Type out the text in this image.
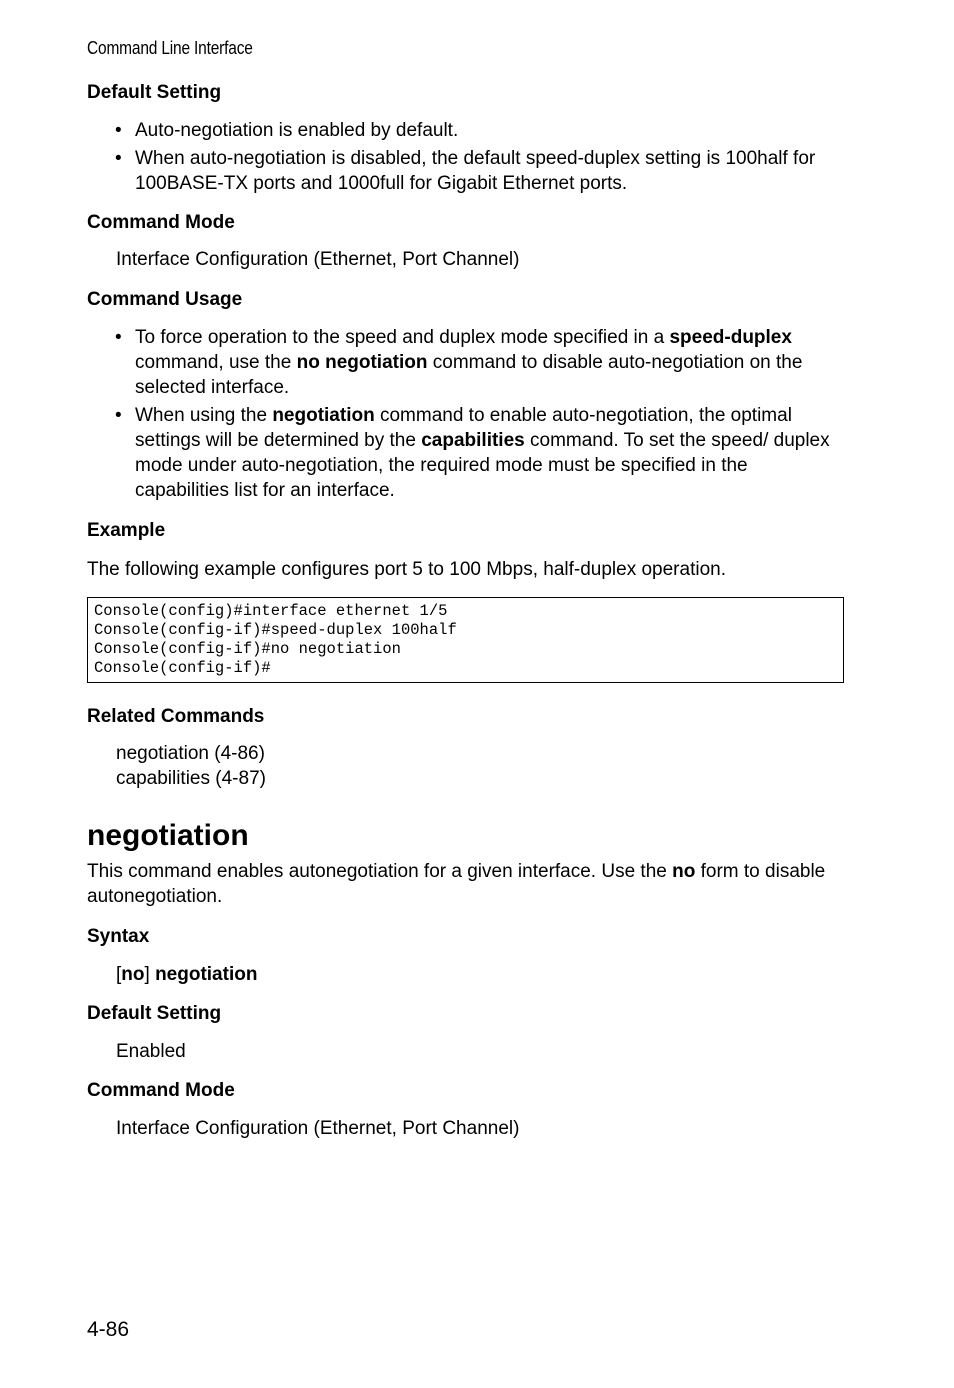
Command Line Interface
Default Setting
• Auto-negotiation is enabled by default.
• When auto-negotiation is disabled, the default speed-duplex setting is 100half for 100BASE-TX ports and 1000full for Gigabit Ethernet ports.
Command Mode
Interface Configuration (Ethernet, Port Channel)
Command Usage
• To force operation to the speed and duplex mode specified in a speed-duplex command, use the no negotiation command to disable auto-negotiation on the selected interface.
• When using the negotiation command to enable auto-negotiation, the optimal settings will be determined by the capabilities command. To set the speed/ duplex mode under auto-negotiation, the required mode must be specified in the capabilities list for an interface.
Example
The following example configures port 5 to 100 Mbps, half-duplex operation.
Console(config)#interface ethernet 1/5
Console(config-if)#speed-duplex 100half
Console(config-if)#no negotiation
Console(config-if)#
Related Commands
negotiation (4-86)
capabilities (4-87)
negotiation
This command enables autonegotiation for a given interface. Use the no form to disable autonegotiation.
Syntax
[no] negotiation
Default Setting
Enabled
Command Mode
Interface Configuration (Ethernet, Port Channel)
4-86
